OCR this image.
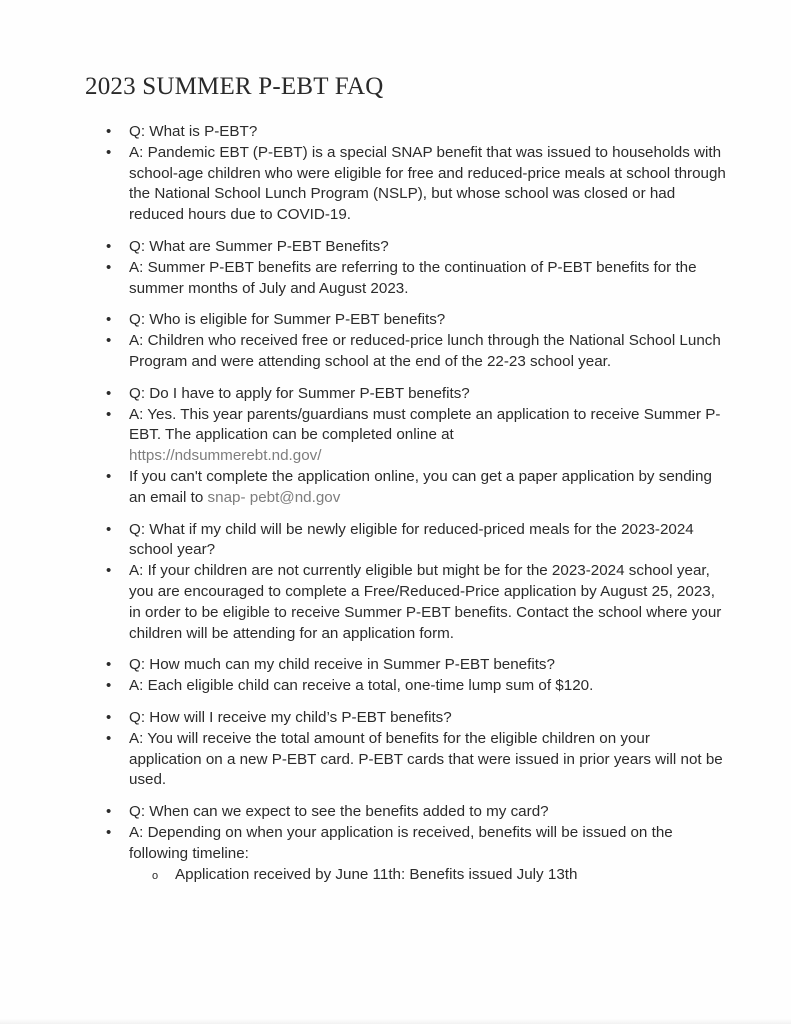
2023 SUMMER P-EBT FAQ
• Q: What is P-EBT?
• A: Pandemic EBT (P-EBT) is a special SNAP benefit that was issued to households with school-age children who were eligible for free and reduced-price meals at school through the National School Lunch Program (NSLP), but whose school was closed or had reduced hours due to COVID-19.
• Q: What are Summer P-EBT Benefits?
• A: Summer P-EBT benefits are referring to the continuation of P-EBT benefits for the summer months of July and August 2023.
• Q: Who is eligible for Summer P-EBT benefits?
• A: Children who received free or reduced-price lunch through the National School Lunch Program and were attending school at the end of the 22-23 school year.
• Q: Do I have to apply for Summer P-EBT benefits?
• A: Yes. This year parents/guardians must complete an application to receive Summer P-EBT. The application can be completed online at
https://ndsummerebt.nd.gov/
• If you can't complete the application online, you can get a paper application by sending an email to snap- pebt@nd.gov
• Q: What if my child will be newly eligible for reduced-priced meals for the 2023-2024 school year?
• A: If your children are not currently eligible but might be for the 2023-2024 school year, you are encouraged to complete a Free/Reduced-Price application by August 25, 2023, in order to be eligible to receive Summer P-EBT benefits. Contact the school where your children will be attending for an application form.
• Q: How much can my child receive in Summer P-EBT benefits?
• A: Each eligible child can receive a total, one-time lump sum of $120.
• Q: How will I receive my child’s P-EBT benefits?
• A: You will receive the total amount of benefits for the eligible children on your application on a new P-EBT card. P-EBT cards that were issued in prior years will not be used.
• Q: When can we expect to see the benefits added to my card?
• A: Depending on when your application is received, benefits will be issued on the following timeline:
o Application received by June 11th: Benefits issued July 13th
